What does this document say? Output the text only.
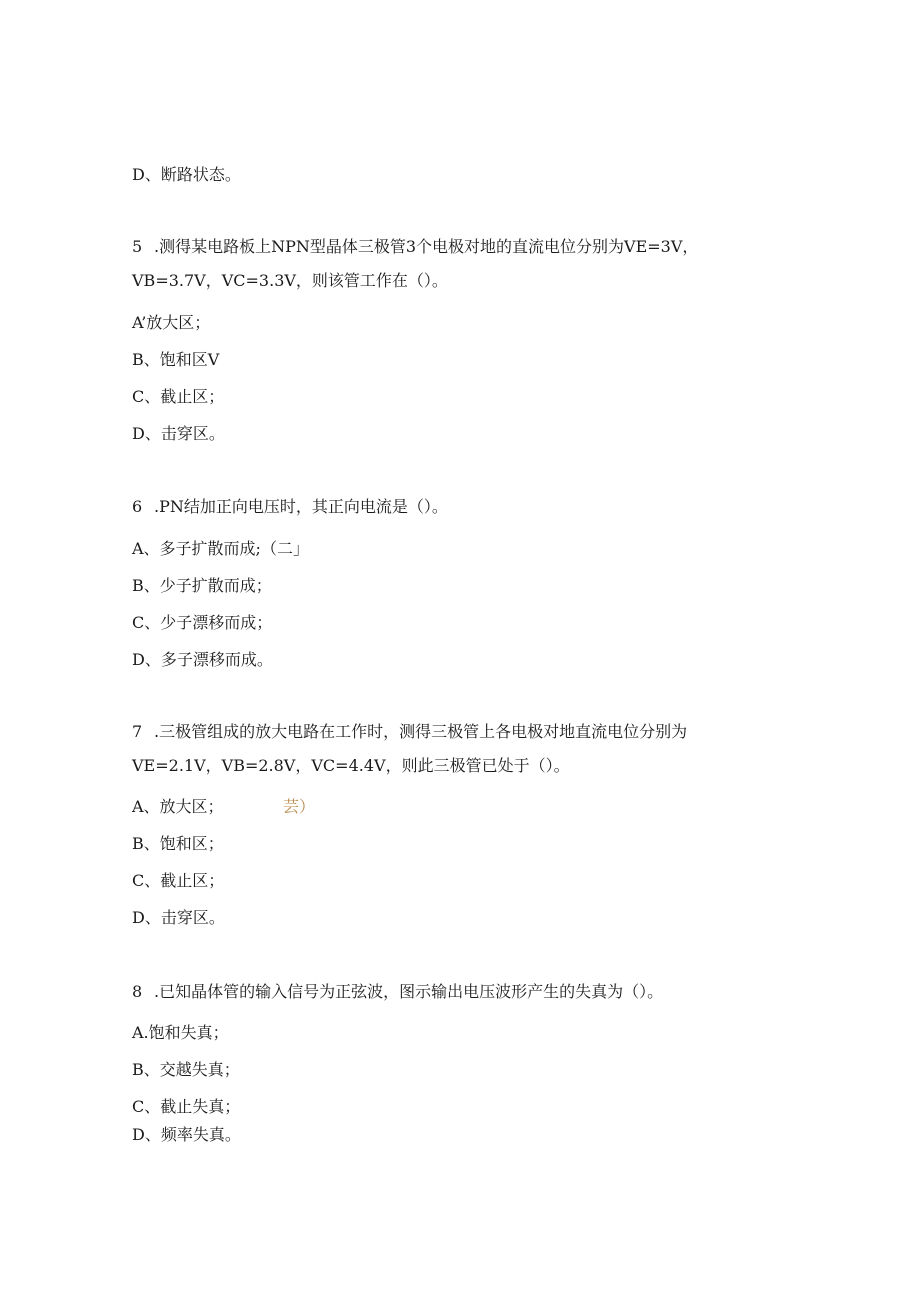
D、断路状态。
5 .测得某电路板上NPN型晶体三极管3个电极对地的直流电位分别为VE=3V，
VB=3.7V，VC=3.3V，则该管工作在（）。
A’放大区；
B、饱和区V
C、截止区；
D、击穿区。
6 .PN结加正向电压时，其正向电流是（）。
A、多子扩散而成;（二」
B、少子扩散而成；
C、少子漂移而成；
D、多子漂移而成。
7 .三极管组成的放大电路在工作时，测得三极管上各电极对地直流电位分别为
VE=2.1V，VB=2.8V，VC=4.4V，则此三极管已处于（）。
A、放大区；	芸）
B、饱和区；
C、截止区；
D、击穿区。
8 .已知晶体管的输入信号为正弦波，图示输出电压波形产生的失真为（）。
A.饱和失真；
B、交越失真；
C、截止失真；
D、频率失真。
